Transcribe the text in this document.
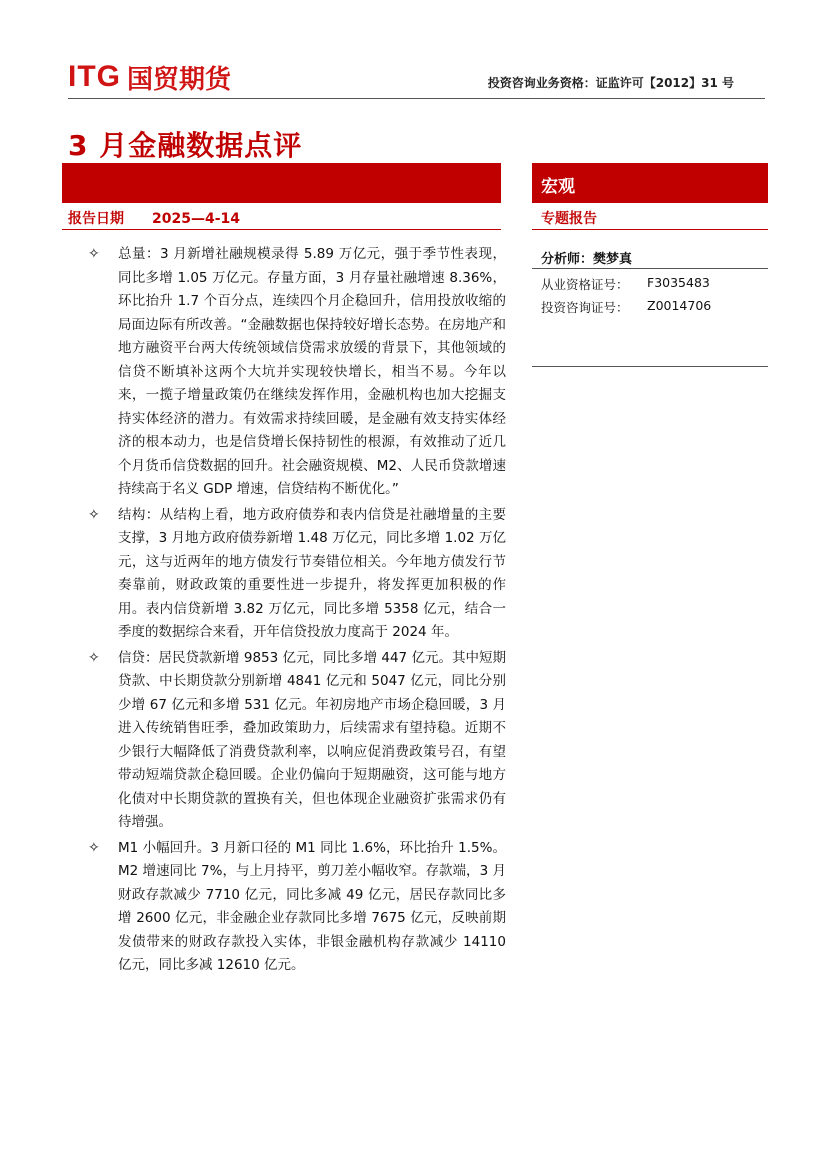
ITG 国贸期货	投资咨询业务资格：证监许可【2012】31 号
3 月金融数据点评
宏观
报告日期 2025—4-14	专题报告
分析师：樊梦真
从业资格证号： F3035483
投资咨询证号： Z0014706
✧ 总量：3 月新增社融规模录得 5.89 万亿元，强于季节性表现，同比多增 1.05 万亿元。存量方面，3 月存量社融增速 8.36%，环比抬升 1.7 个百分点，连续四个月企稳回升，信用投放收缩的局面边际有所改善。“金融数据也保持较好增长态势。在房地产和地方融资平台两大传统领域信贷需求放缓的背景下，其他领域的信贷不断填补这两个大坑并实现较快增长，相当不易。今年以来，一揽子增量政策仍在继续发挥作用，金融机构也加大挖掘支持实体经济的潜力。有效需求持续回暖，是金融有效支持实体经济的根本动力，也是信贷增长保持韧性的根源，有效推动了近几个月货币信贷数据的回升。社会融资规模、M2、人民币贷款增速持续高于名义 GDP 增速，信贷结构不断优化。”
✧ 结构：从结构上看，地方政府债券和表内信贷是社融增量的主要支撑，3 月地方政府债券新增 1.48 万亿元，同比多增 1.02 万亿元，这与近两年的地方债发行节奏错位相关。今年地方债发行节奏靠前，财政政策的重要性进一步提升，将发挥更加积极的作用。表内信贷新增 3.82 万亿元，同比多增 5358 亿元，结合一季度的数据综合来看，开年信贷投放力度高于 2024 年。
✧ 信贷：居民贷款新增 9853 亿元，同比多增 447 亿元。其中短期贷款、中长期贷款分别新增 4841 亿元和 5047 亿元，同比分别少增 67 亿元和多增 531 亿元。年初房地产市场企稳回暖，3 月进入传统销售旺季，叠加政策助力，后续需求有望持稳。近期不少银行大幅降低了消费贷款利率，以响应促消费政策号召，有望带动短端贷款企稳回暖。企业仍偏向于短期融资，这可能与地方化债对中长期贷款的置换有关，但也体现企业融资扩张需求仍有待增强。
✧ M1 小幅回升。3 月新口径的 M1 同比 1.6%，环比抬升 1.5%。M2 增速同比 7%，与上月持平，剪刀差小幅收窄。存款端，3 月财政存款减少 7710 亿元，同比多减 49 亿元，居民存款同比多增 2600 亿元，非金融企业存款同比多增 7675 亿元，反映前期发债带来的财政存款投入实体，非银金融机构存款减少 14110 亿元，同比多减 12610 亿元。
